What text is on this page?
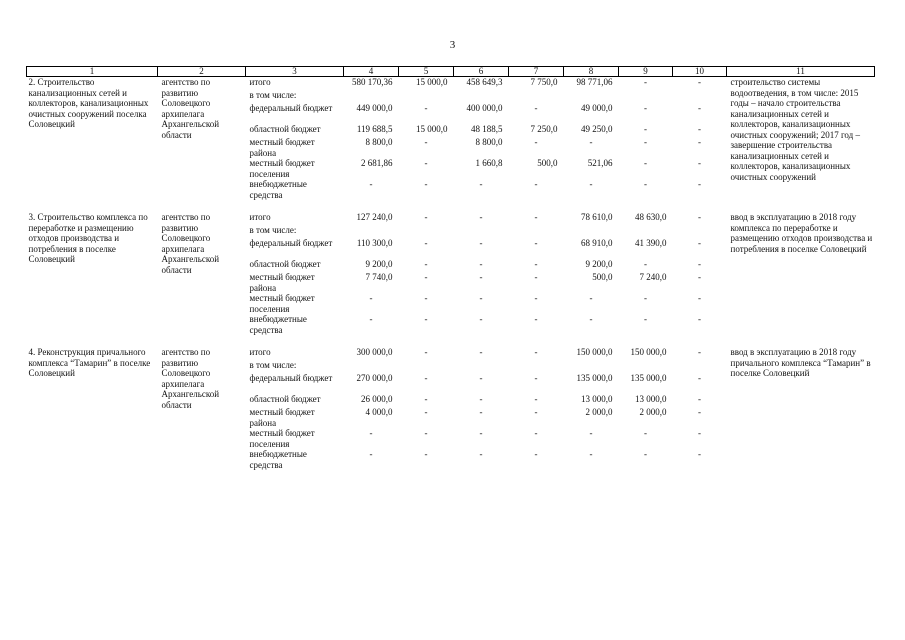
3
1	2	3	4	5	6	7	8	9	10	11
2. Строительство канализационных сетей и коллекторов, канализационных очистных сооружений поселка Соловецкий	агентство по развитию Соловецкого архипелага Архангельской области	итого	580 170,36	15 000,0	458 649,3	7 750,0	98 771,06	-	-	строительство системы водоотведения, в том числе: 2015 годы – начало строительства канализационных сетей и коллекторов, канализационных очистных сооружений; 2017 год – завершение строительства канализационных сетей и коллекторов, канализационных очистных сооружений
		в том числе:								
		федеральный бюджет	449 000,0	-	400 000,0	-	49 000,0	-	-	
		областной бюджет	119 688,5	15 000,0	48 188,5	7 250,0	49 250,0	-	-	
		местный бюджет района	8 800,0	-	8 800,0	-	-	-	-	
		местный бюджет поселения	2 681,86	-	1 660,8	500,0	521,06	-	-	
		внебюджетные средства	-	-	-	-	-	-	-	

3. Строительство комплекса по переработке и размещению отходов производства и потребления в поселке Соловецкий	агентство по развитию Соловецкого архипелага Архангельской области	итого	127 240,0	-	-	-	78 610,0	48 630,0	-	ввод в эксплуатацию в 2018 году комплекса по переработке и размещению отходов производства и потребления в поселке Соловецкий
		в том числе:								
		федеральный бюджет	110 300,0	-	-	-	68 910,0	41 390,0	-	
		областной бюджет	9 200,0	-	-	-	9 200,0	-	-	
		местный бюджет района	7 740,0	-	-	-	500,0	7 240,0	-	
		местный бюджет поселения	-	-	-	-	-	-	-	
		внебюджетные средства	-	-	-	-	-	-	-	

4. Реконструкция причального комплекса “Тамарин” в поселке Соловецкий	агентство по развитию Соловецкого архипелага Архангельской области	итого	300 000,0	-	-	-	150 000,0	150 000,0	-	ввод в эксплуатацию в 2018 году причального комплекса “Тамарин” в поселке Соловецкий
		в том числе:								
		федеральный бюджет	270 000,0	-	-	-	135 000,0	135 000,0	-	
		областной бюджет	26 000,0	-	-	-	13 000,0	13 000,0	-	
		местный бюджет района	4 000,0	-	-	-	2 000,0	2 000,0	-	
		местный бюджет поселения	-	-	-	-	-	-	-	
		внебюджетные средства	-	-	-	-	-	-	-	
